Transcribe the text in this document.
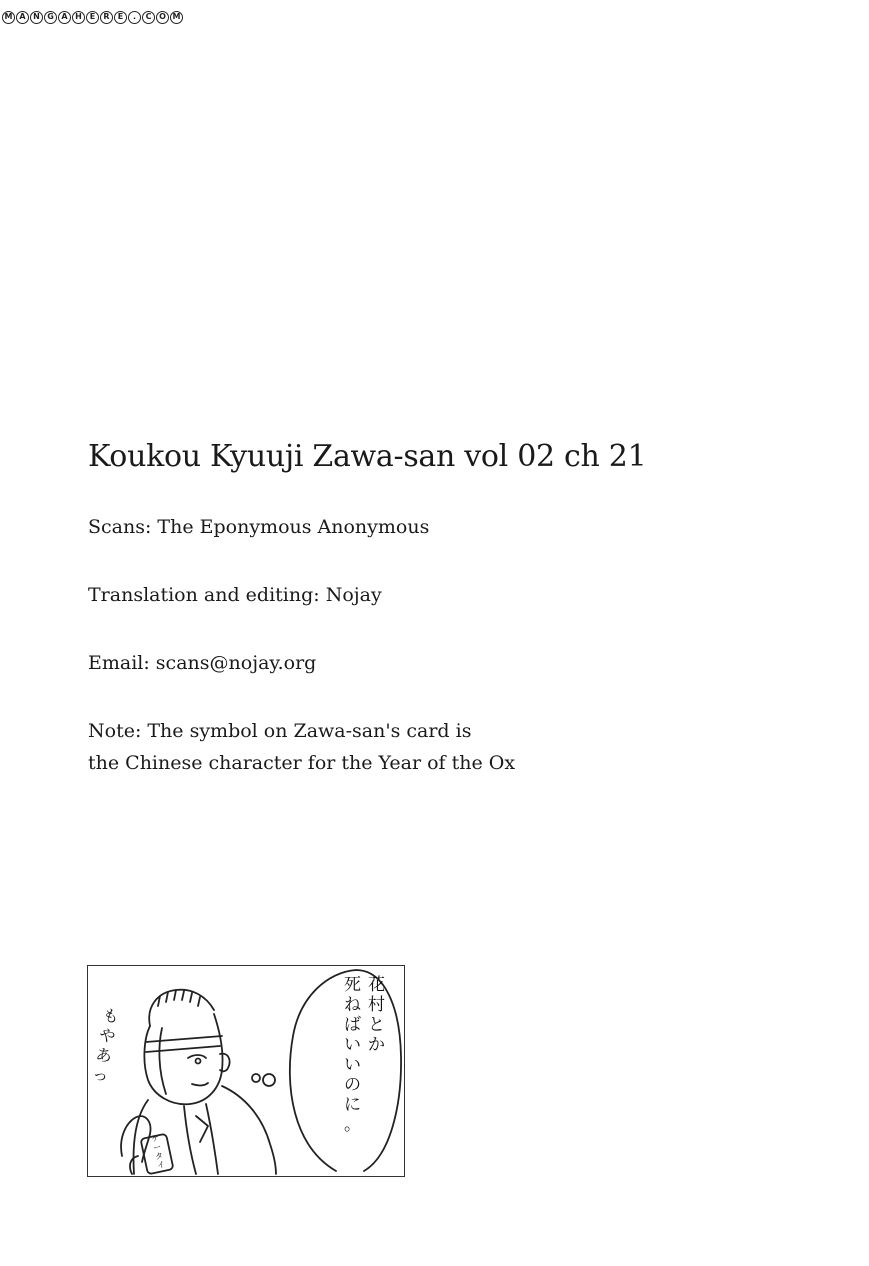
M A N G A H E	R	E	.	C O M
Koukou Kyuuji Zawa-san vol 02 ch 21
Scans: The Eponymous Anonymous
Translation and editing: Nojay
Email: scans@nojay.org
Note: The symbol on Zawa-san's card is
the Chinese character for the Year of the Ox
花 村 と か
死 ね ば い い の に 。
も や あ っ
ケ ー タ イ
